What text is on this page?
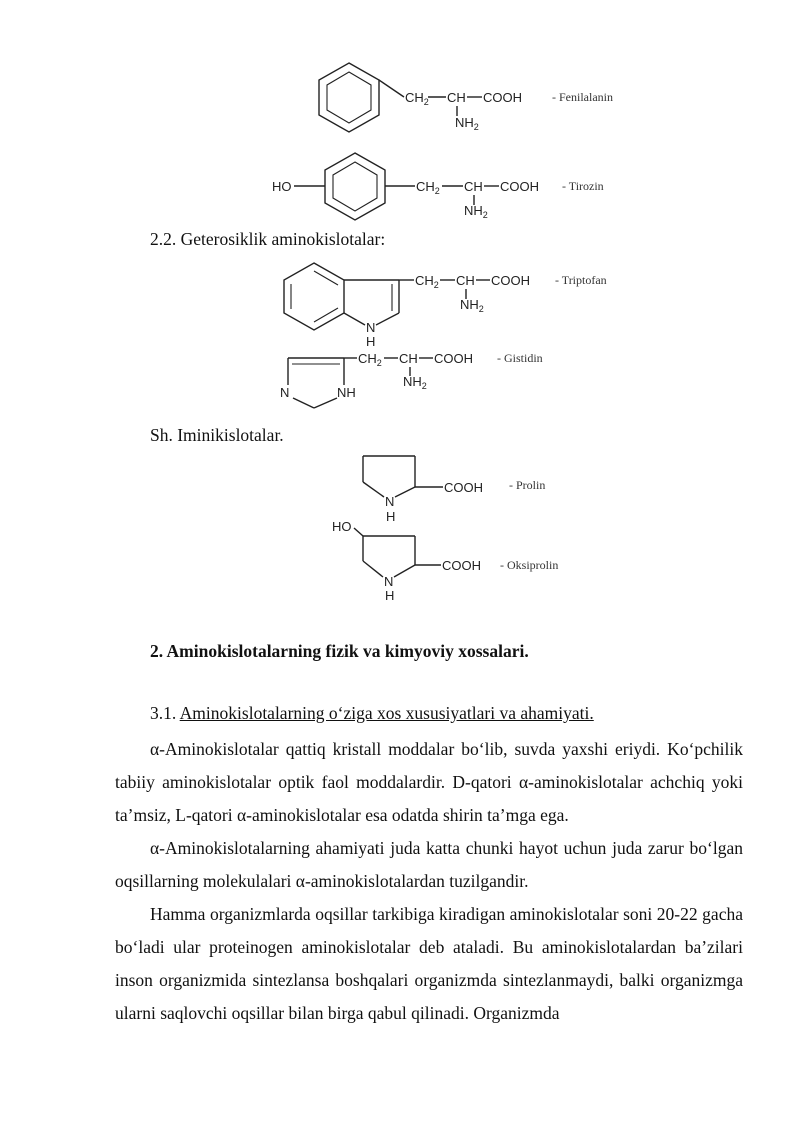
$CH_2$ CH COOH
$NH_2$
- Fenilalanin
HO	$CH_2$ CH COOH
$NH_2$
- Tirozin
N
H
$CH_2$ CH COOH
$NH_2$
- Triptofan
N	NH
$CH_2$ CH COOH
$NH_2$
- Gistidin
N
H
COOH - Prolin
HO
N
H
COOH - Oksiprolin
2.2. Geterosiklik aminokislotalar:
Sh. Iminikislotalar.
2. Aminokislotalarning fizik va kimyoviy xossalari.
3.1. Aminokislotalarning o‘ziga xos xususiyatlari va ahamiyati.

α-Aminokislotalar qattiq kristall moddalar bo‘lib, suvda yaxshi eriydi. Ko‘pchilik tabiiy aminokislotalar optik faol moddalardir. D-qatori α-aminokislotalar achchiq yoki ta’msiz, L-qatori α-aminokislotalar esa odatda shirin ta’mga ega.

α-Aminokislotalarning ahamiyati juda katta chunki hayot uchun juda zarur bo‘lgan oqsillarning molekulalari α-aminokislotalardan tuzilgandir.

Hamma organizmlarda oqsillar tarkibiga kiradigan aminokislotalar soni 20-22 gacha bo‘ladi ular proteinogen aminokislotalar deb ataladi. Bu aminokislotalardan ba’zilari inson organizmida sintezlansa boshqalari organizmda sintezlanmaydi, balki organizmga ularni saqlovchi oqsillar bilan birga qabul qilinadi. Organizmda
